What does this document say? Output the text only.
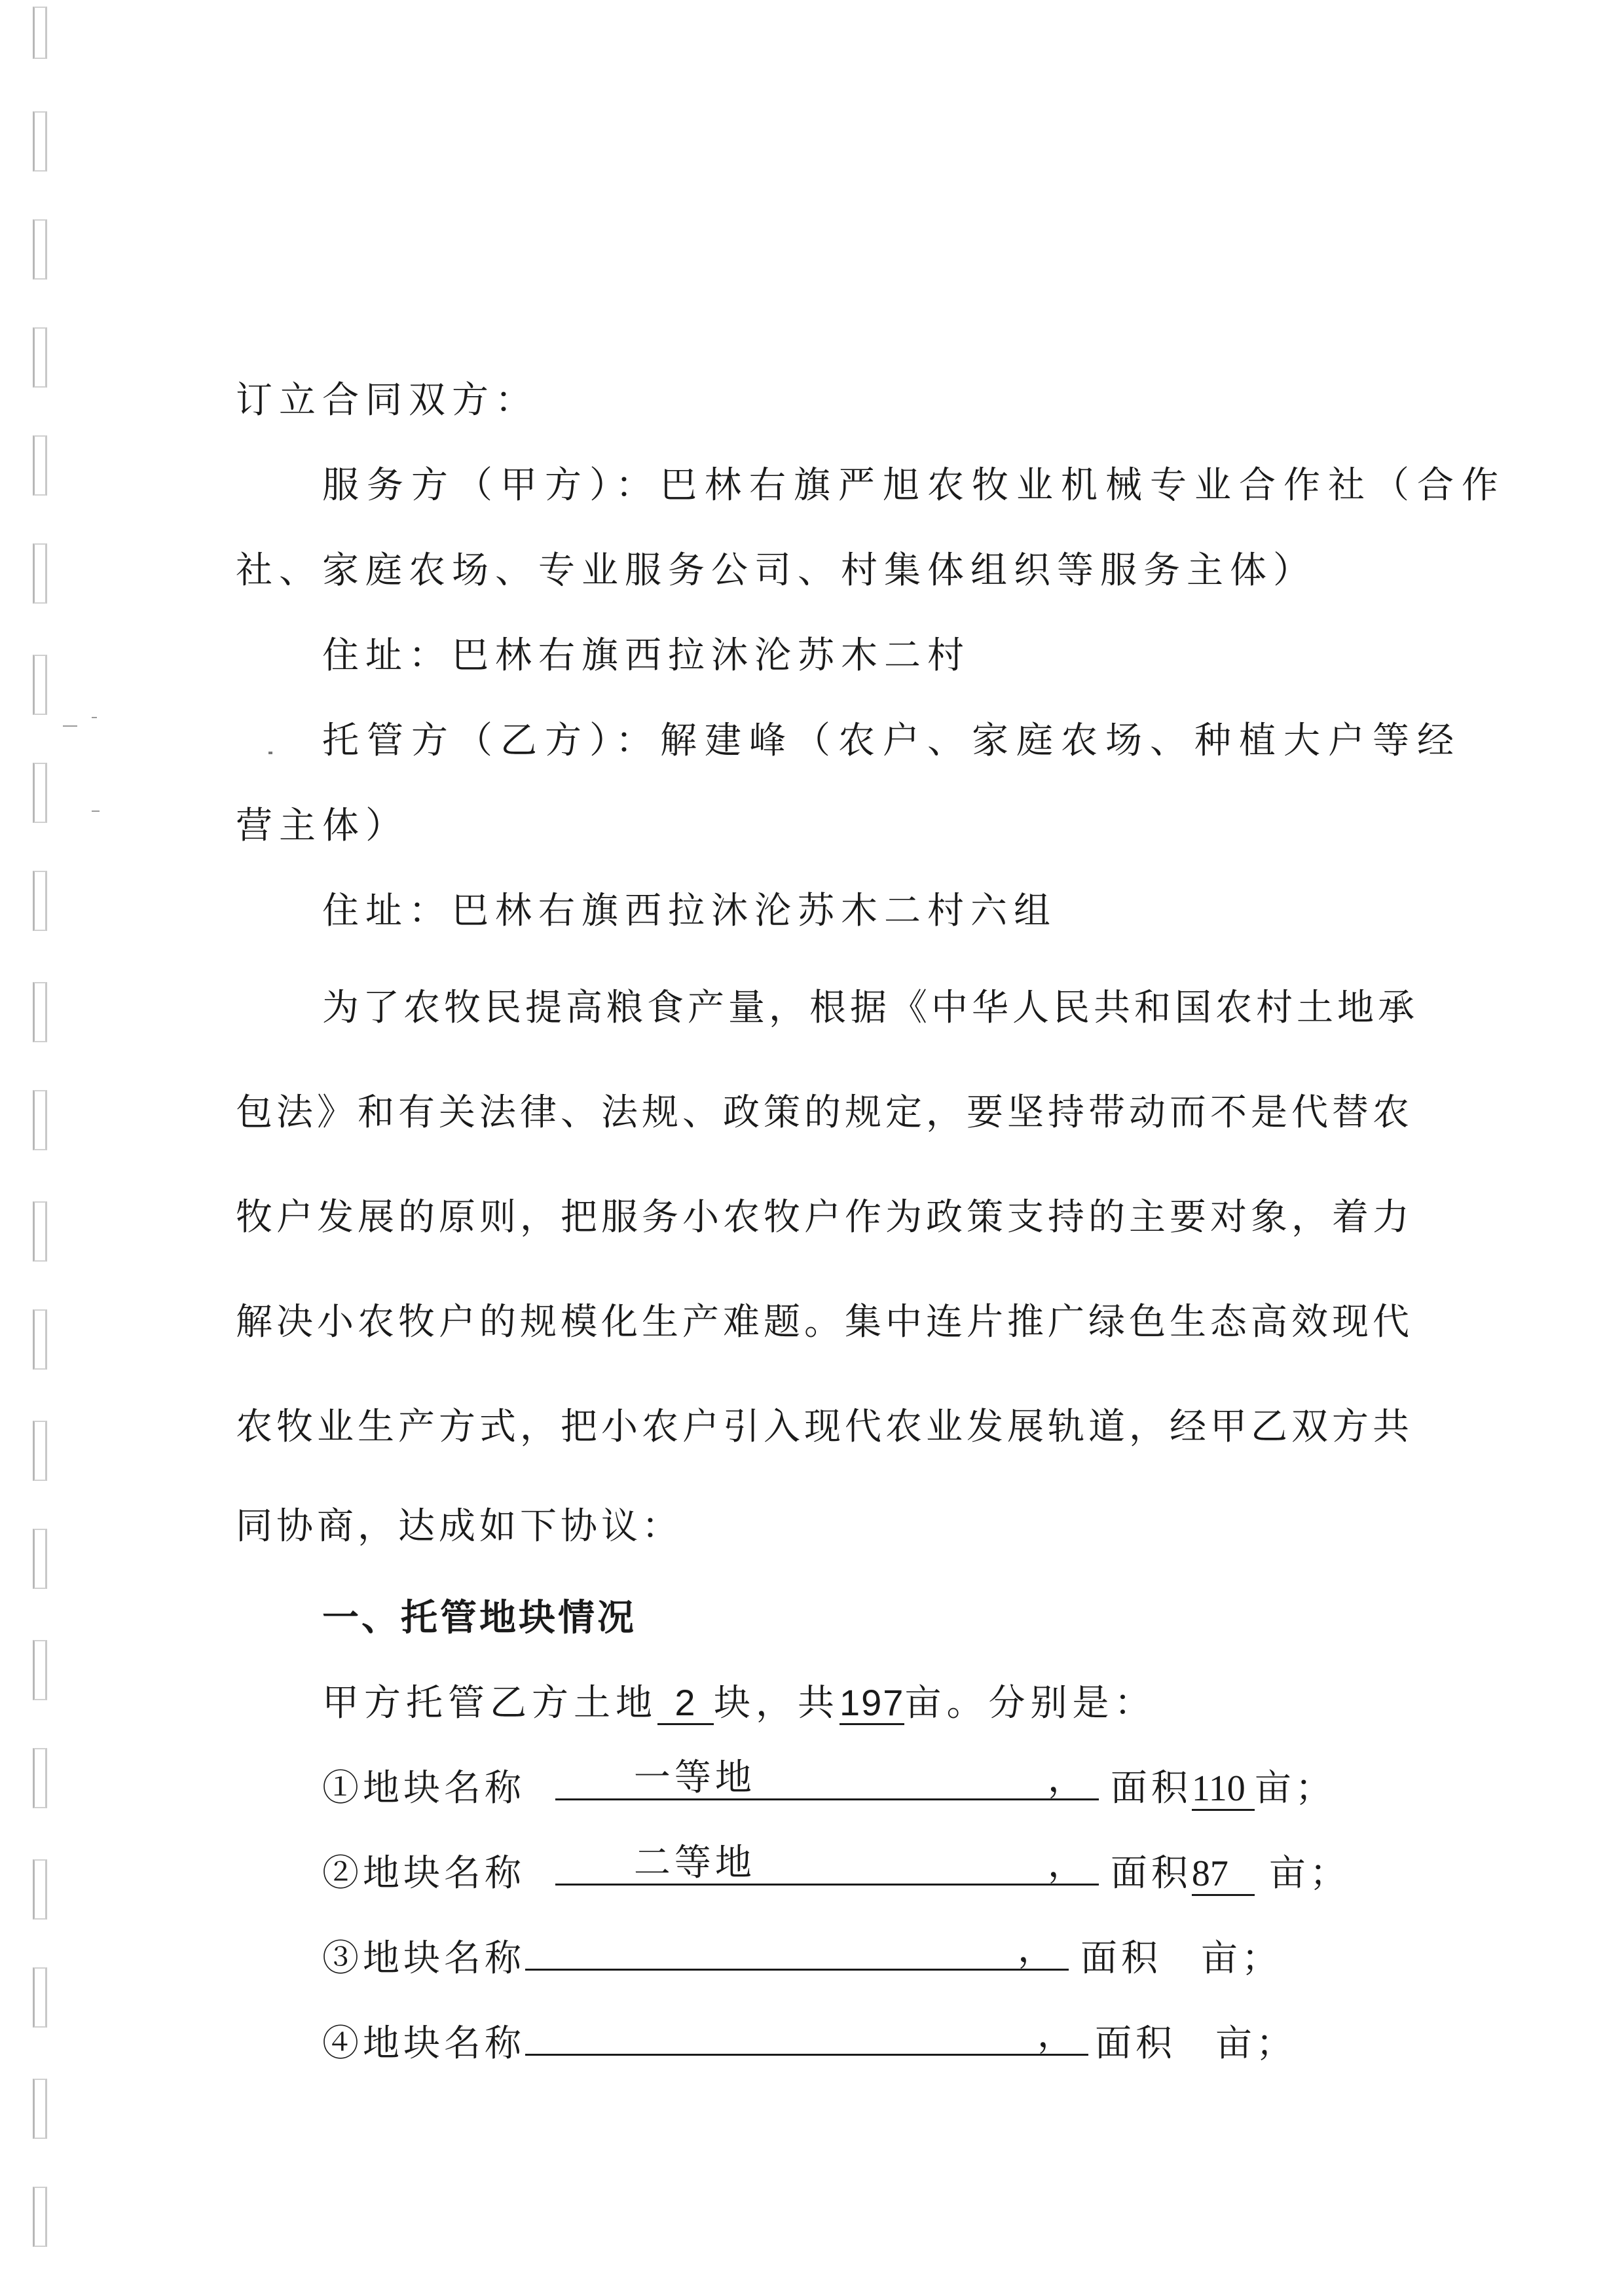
订立合同双方：
服务方（甲方）：巴林右旗严旭农牧业机械专业合作社（合作
社、家庭农场、专业服务公司、村集体组织等服务主体）
住址：巴林右旗西拉沐沦苏木二村
托管方（乙方）：解建峰（农户、家庭农场、种植大户等经
营主体）
住址：巴林右旗西拉沐沦苏木二村六组
为了农牧民提高粮食产量，根据《中华人民共和国农村土地承
包法》和有关法律、法规、政策的规定，要坚持带动而不是代替农
牧户发展的原则，把服务小农牧户作为政策支持的主要对象，着力
解决小农牧户的规模化生产难题。集中连片推广绿色生态高效现代
农牧业生产方式，把小农户引入现代农业发展轨道，经甲乙双方共
同协商，达成如下协议：
一、托管地块情况
甲方托管乙方土地 2 块，共197亩。分别是：
①地块名称	一等地	， 面积110 亩；
②地块名称	二等地	， 面积87 亩；
③地块名称	， 面积 亩；
④地块名称	， 面积 亩；
